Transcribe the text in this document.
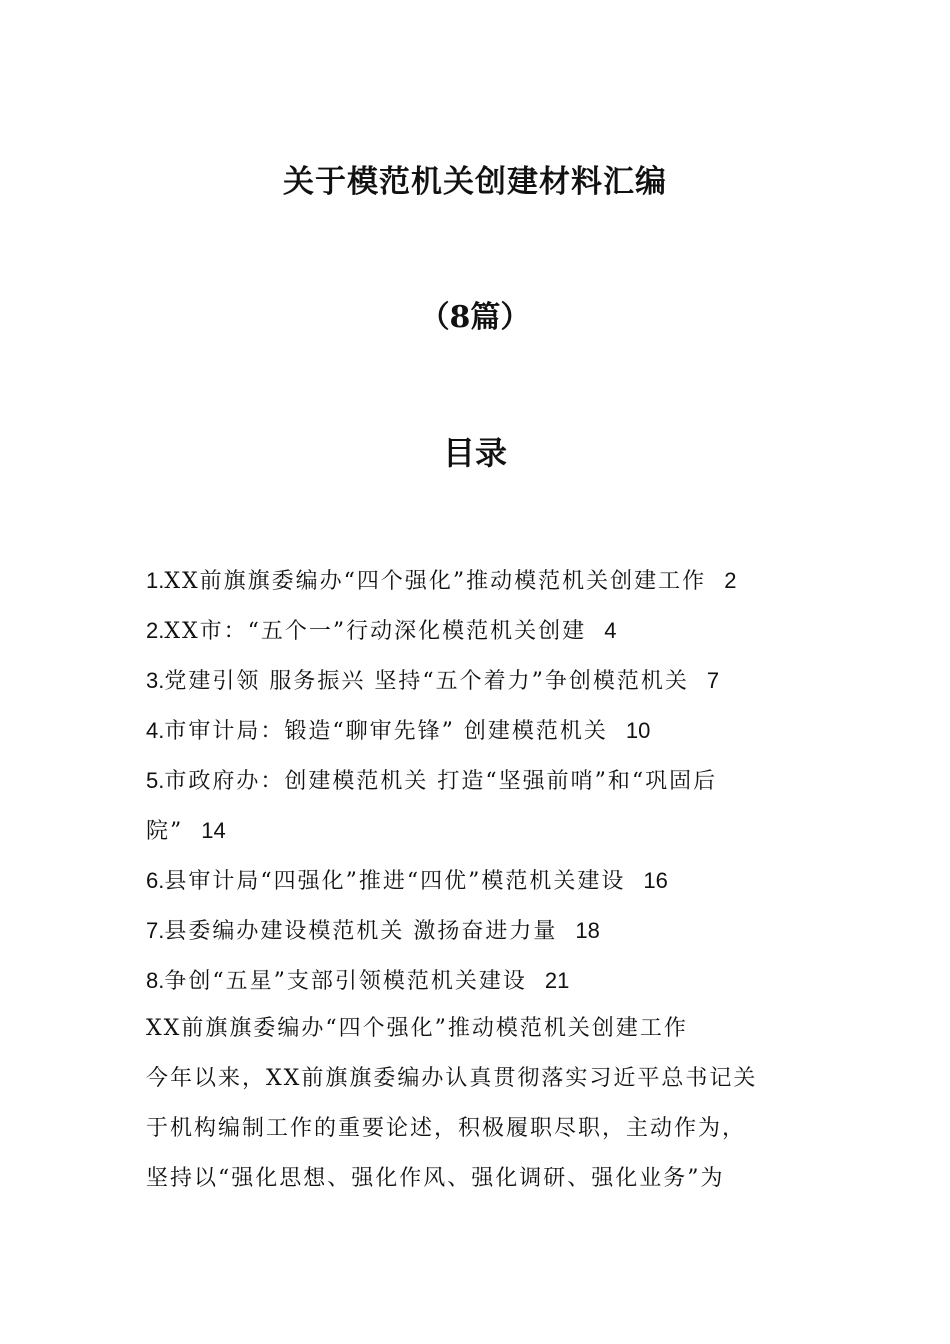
关于模范机关创建材料汇编
（8篇）
目录
1.XX前旗旗委编办“四个强化”推动模范机关创建工作 2
2.XX市：“五个一”行动深化模范机关创建 4
3.党建引领 服务振兴 坚持“五个着力”争创模范机关 7
4.市审计局：锻造“聊审先锋” 创建模范机关 10
5.市政府办：创建模范机关 打造“坚强前哨”和“巩固后
院” 14
6.县审计局“四强化”推进“四优”模范机关建设 16
7.县委编办建设模范机关 激扬奋进力量 18
8.争创“五星”支部引领模范机关建设 21
XX前旗旗委编办“四个强化”推动模范机关创建工作
今年以来，XX前旗旗委编办认真贯彻落实习近平总书记关
于机构编制工作的重要论述，积极履职尽职，主动作为，
坚持以“强化思想、强化作风、强化调研、强化业务”为
